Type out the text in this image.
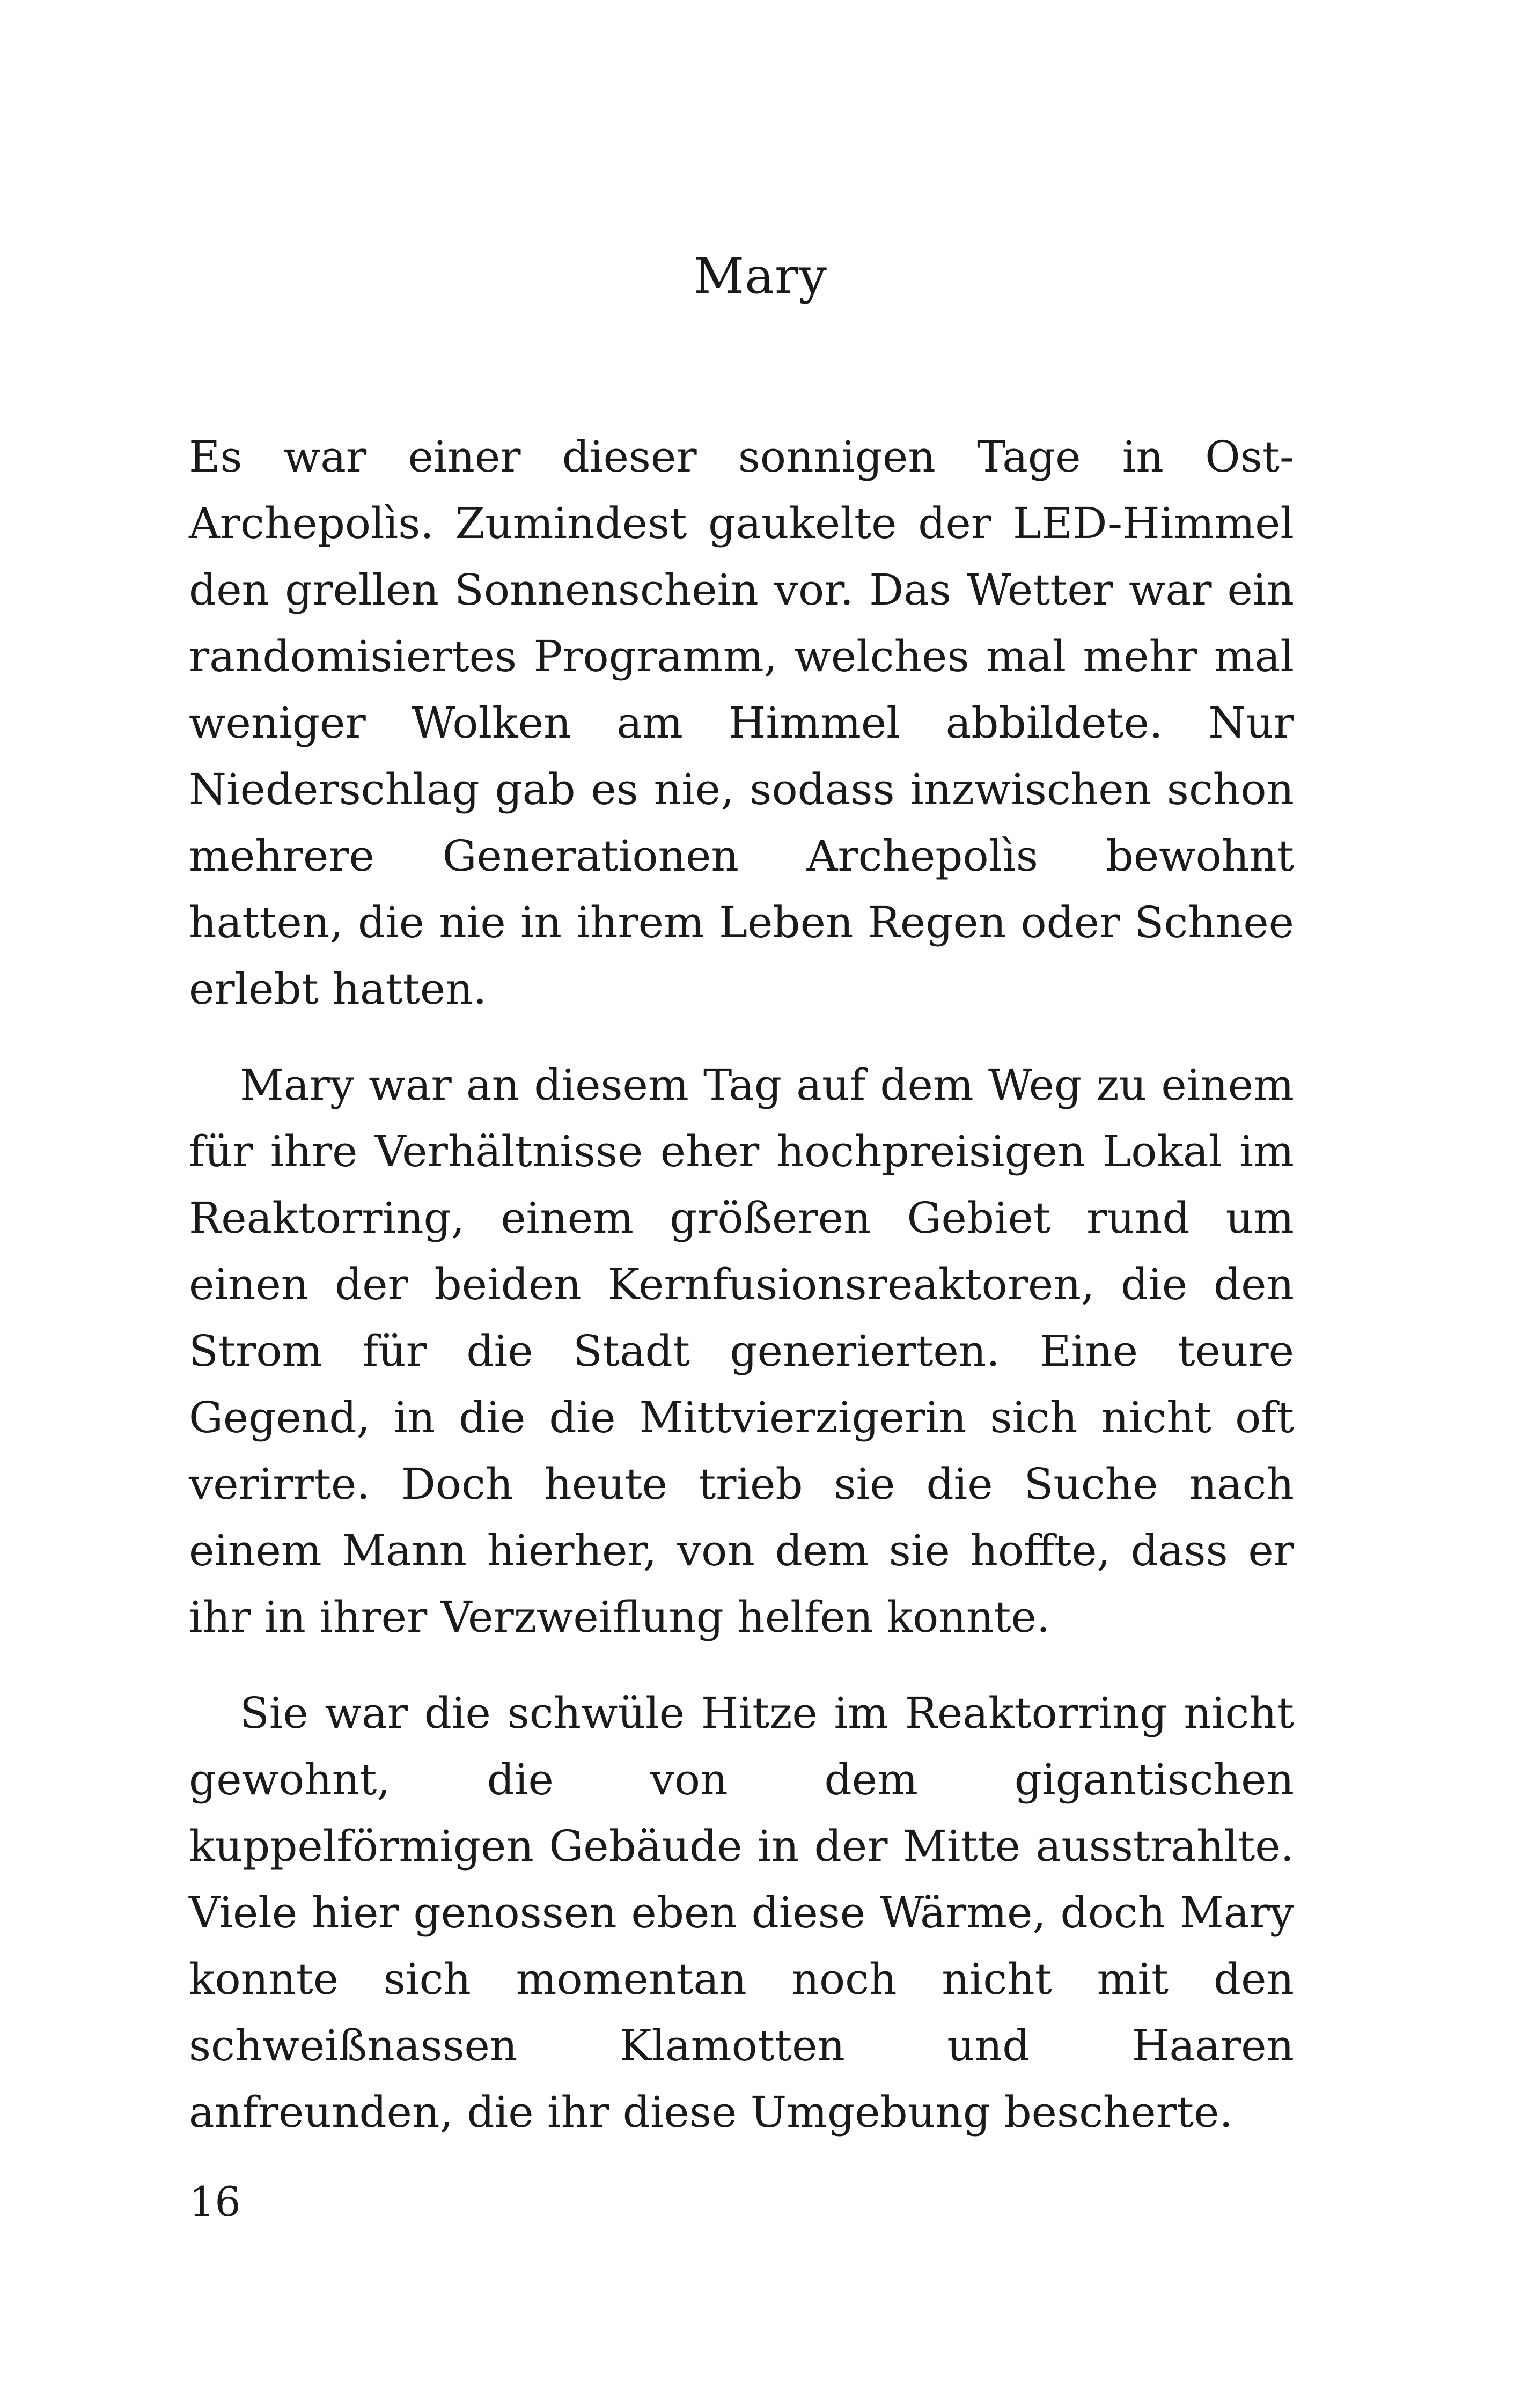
Mary

Es war einer dieser sonnigen Tage in Ost-Archepolìs. Zumindest gaukelte der LED-Himmel den grellen Sonnenschein vor. Das Wetter war ein randomisiertes Programm, welches mal mehr mal weniger Wolken am Himmel abbildete. Nur Niederschlag gab es nie, sodass inzwischen schon mehrere Generationen Archepolìs bewohnt hatten, die nie in ihrem Leben Regen oder Schnee erlebt hatten.

Mary war an diesem Tag auf dem Weg zu einem für ihre Verhältnisse eher hochpreisigen Lokal im Reaktorring, einem größeren Gebiet rund um einen der beiden Kernfusionsreaktoren, die den Strom für die Stadt generierten. Eine teure Gegend, in die die Mittvierzigerin sich nicht oft verirrte. Doch heute trieb sie die Suche nach einem Mann hierher, von dem sie hoffte, dass er ihr in ihrer Verzweiflung helfen konnte.

Sie war die schwüle Hitze im Reaktorring nicht gewohnt, die von dem gigantischen kuppelförmigen Gebäude in der Mitte ausstrahlte. Viele hier genossen eben diese Wärme, doch Mary konnte sich momentan noch nicht mit den schweißnassen Klamotten und Haaren anfreunden, die ihr diese Umgebung bescherte.

16
